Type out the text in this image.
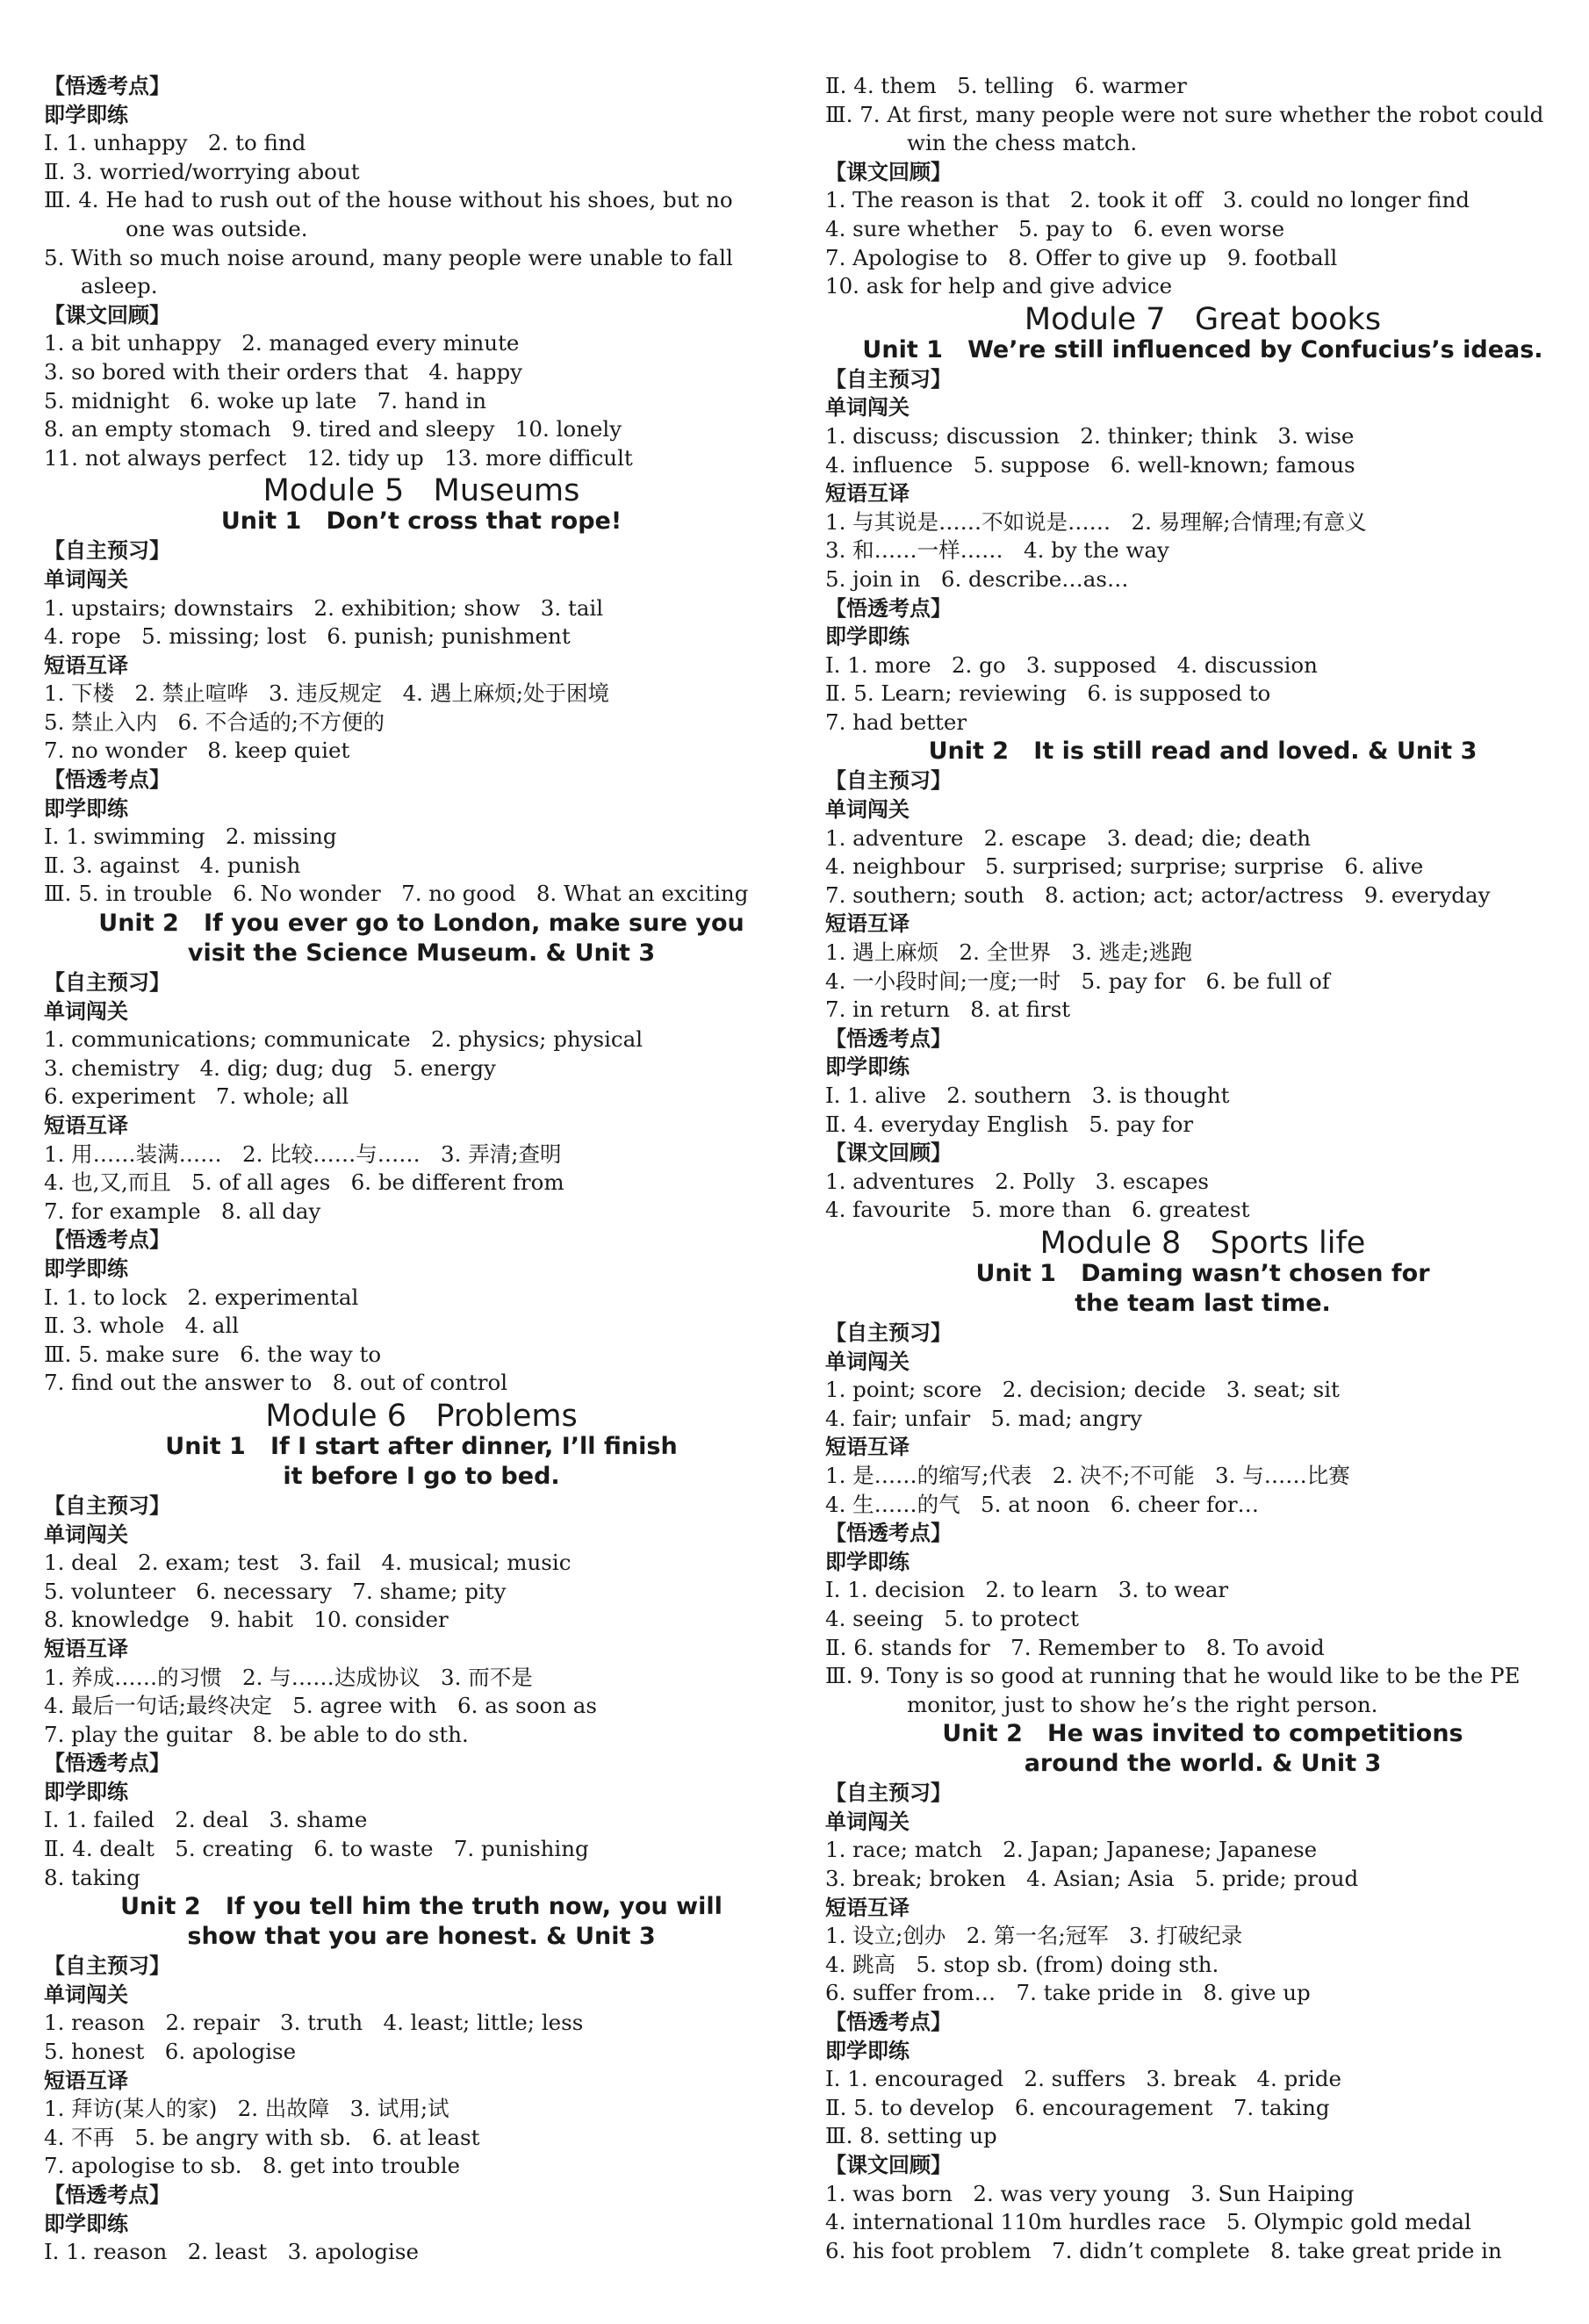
【悟透考点】
即学即练
Ⅰ. 1. unhappy   2. to find
Ⅱ. 3. worried/worrying about
Ⅲ. 4. He had to rush out of the house without his shoes, but no
one was outside.
5. With so much noise around, many people were unable to fall
asleep.
【课文回顾】
1. a bit unhappy   2. managed every minute
3. so bored with their orders that   4. happy
5. midnight   6. woke up late   7. hand in
8. an empty stomach   9. tired and sleepy   10. lonely
11. not always perfect   12. tidy up   13. more difficult
Module 5   Museums
Unit 1   Don’t cross that rope!
【自主预习】
单词闯关
1. upstairs; downstairs   2. exhibition; show   3. tail
4. rope   5. missing; lost   6. punish; punishment
短语互译
1. 下楼   2. 禁止喧哗   3. 违反规定   4. 遇上麻烦;处于困境
5. 禁止入内   6. 不合适的;不方便的
7. no wonder   8. keep quiet
【悟透考点】
即学即练
Ⅰ. 1. swimming   2. missing
Ⅱ. 3. against   4. punish
Ⅲ. 5. in trouble   6. No wonder   7. no good   8. What an exciting
Unit 2   If you ever go to London, make sure you
visit the Science Museum. & Unit 3
【自主预习】
单词闯关
1. communications; communicate   2. physics; physical
3. chemistry   4. dig; dug; dug   5. energy
6. experiment   7. whole; all
短语互译
1. 用……装满……   2. 比较……与……   3. 弄清;查明
4. 也,又,而且   5. of all ages   6. be different from
7. for example   8. all day
【悟透考点】
即学即练
Ⅰ. 1. to lock   2. experimental
Ⅱ. 3. whole   4. all
Ⅲ. 5. make sure   6. the way to
7. find out the answer to   8. out of control
Module 6   Problems
Unit 1   If I start after dinner, I’ll finish
it before I go to bed.
【自主预习】
单词闯关
1. deal   2. exam; test   3. fail   4. musical; music
5. volunteer   6. necessary   7. shame; pity
8. knowledge   9. habit   10. consider
短语互译
1. 养成……的习惯   2. 与……达成协议   3. 而不是
4. 最后一句话;最终决定   5. agree with   6. as soon as
7. play the guitar   8. be able to do sth.
【悟透考点】
即学即练
Ⅰ. 1. failed   2. deal   3. shame
Ⅱ. 4. dealt   5. creating   6. to waste   7. punishing
8. taking
Unit 2   If you tell him the truth now, you will
show that you are honest. & Unit 3
【自主预习】
单词闯关
1. reason   2. repair   3. truth   4. least; little; less
5. honest   6. apologise
短语互译
1. 拜访(某人的家)   2. 出故障   3. 试用;试
4. 不再   5. be angry with sb.   6. at least
7. apologise to sb.   8. get into trouble
【悟透考点】
即学即练
Ⅰ. 1. reason   2. least   3. apologise
Ⅱ. 4. them   5. telling   6. warmer
Ⅲ. 7. At first, many people were not sure whether the robot could
win the chess match.
【课文回顾】
1. The reason is that   2. took it off   3. could no longer find
4. sure whether   5. pay to   6. even worse
7. Apologise to   8. Offer to give up   9. football
10. ask for help and give advice
Module 7   Great books
Unit 1   We’re still influenced by Confucius’s ideas.
【自主预习】
单词闯关
1. discuss; discussion   2. thinker; think   3. wise
4. influence   5. suppose   6. well-known; famous
短语互译
1. 与其说是……不如说是……   2. 易理解;合情理;有意义
3. 和……一样……   4. by the way
5. join in   6. describe…as…
【悟透考点】
即学即练
Ⅰ. 1. more   2. go   3. supposed   4. discussion
Ⅱ. 5. Learn; reviewing   6. is supposed to
7. had better
Unit 2   It is still read and loved. & Unit 3
【自主预习】
单词闯关
1. adventure   2. escape   3. dead; die; death
4. neighbour   5. surprised; surprise; surprise   6. alive
7. southern; south   8. action; act; actor/actress   9. everyday
短语互译
1. 遇上麻烦   2. 全世界   3. 逃走;逃跑
4. 一小段时间;一度;一时   5. pay for   6. be full of
7. in return   8. at first
【悟透考点】
即学即练
Ⅰ. 1. alive   2. southern   3. is thought
Ⅱ. 4. everyday English   5. pay for
【课文回顾】
1. adventures   2. Polly   3. escapes
4. favourite   5. more than   6. greatest
Module 8   Sports life
Unit 1   Daming wasn’t chosen for
the team last time.
【自主预习】
单词闯关
1. point; score   2. decision; decide   3. seat; sit
4. fair; unfair   5. mad; angry
短语互译
1. 是……的缩写;代表   2. 决不;不可能   3. 与……比赛
4. 生……的气   5. at noon   6. cheer for…
【悟透考点】
即学即练
Ⅰ. 1. decision   2. to learn   3. to wear
4. seeing   5. to protect
Ⅱ. 6. stands for   7. Remember to   8. To avoid
Ⅲ. 9. Tony is so good at running that he would like to be the PE
monitor, just to show he’s the right person.
Unit 2   He was invited to competitions
around the world. & Unit 3
【自主预习】
单词闯关
1. race; match   2. Japan; Japanese; Japanese
3. break; broken   4. Asian; Asia   5. pride; proud
短语互译
1. 设立;创办   2. 第一名;冠军   3. 打破纪录
4. 跳高   5. stop sb. (from) doing sth.
6. suffer from…   7. take pride in   8. give up
【悟透考点】
即学即练
Ⅰ. 1. encouraged   2. suffers   3. break   4. pride
Ⅱ. 5. to develop   6. encouragement   7. taking
Ⅲ. 8. setting up
【课文回顾】
1. was born   2. was very young   3. Sun Haiping
4. international 110m hurdles race   5. Olympic gold medal
6. his foot problem   7. didn’t complete   8. take great pride in
